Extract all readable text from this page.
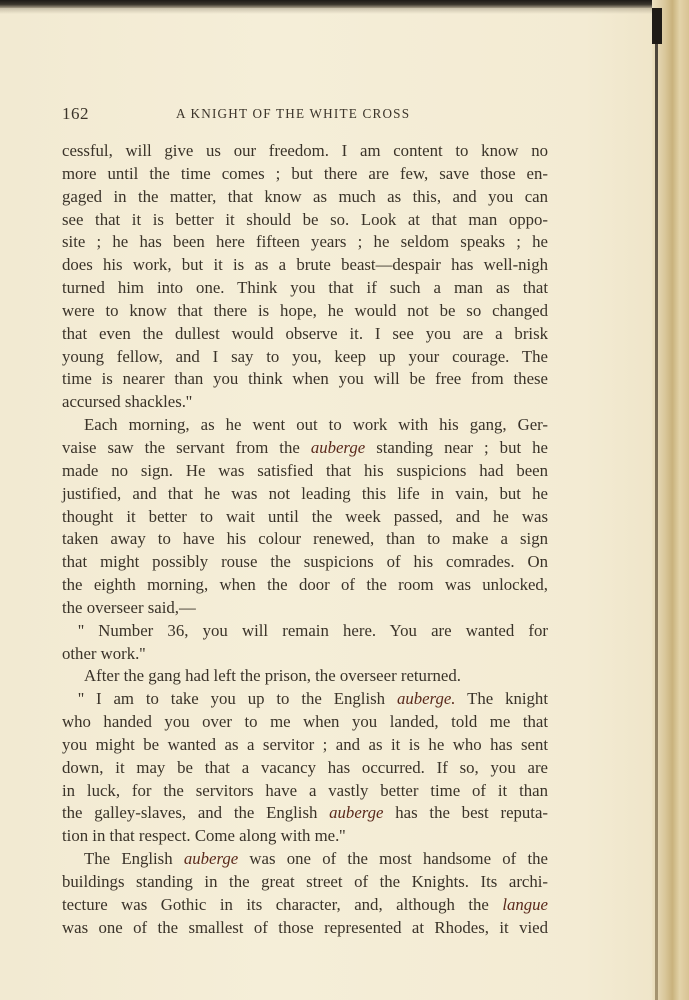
162	A KNIGHT OF THE WHITE CROSS
cessful, will give us our freedom. I am content to know no
more until the time comes ; but there are few, save those en-
gaged in the matter, that know as much as this, and you can
see that it is better it should be so. Look at that man oppo-
site ; he has been here fifteen years ; he seldom speaks ; he
does his work, but it is as a brute beast—despair has well-nigh
turned him into one. Think you that if such a man as that
were to know that there is hope, he would not be so changed
that even the dullest would observe it. I see you are a brisk
young fellow, and I say to you, keep up your courage. The
time is nearer than you think when you will be free from these
accursed shackles.''
Each morning, as he went out to work with his gang, Ger-
vaise saw the servant from the auberge standing near ; but he
made no sign. He was satisfied that his suspicions had been
justified, and that he was not leading this life in vain, but he
thought it better to wait until the week passed, and he was
taken away to have his colour renewed, than to make a sign
that might possibly rouse the suspicions of his comrades. On
the eighth morning, when the door of the room was unlocked,
the overseer said,—
'' Number 36, you will remain here. You are wanted for
other work.''
After the gang had left the prison, the overseer returned.
'' I am to take you up to the English auberge. The knight
who handed you over to me when you landed, told me that
you might be wanted as a servitor ; and as it is he who has sent
down, it may be that a vacancy has occurred. If so, you are
in luck, for the servitors have a vastly better time of it than
the galley-slaves, and the English auberge has the best reputa-
tion in that respect. Come along with me.''
The English auberge was one of the most handsome of the
buildings standing in the great street of the Knights. Its archi-
tecture was Gothic in its character, and, although the langue
was one of the smallest of those represented at Rhodes, it vied
